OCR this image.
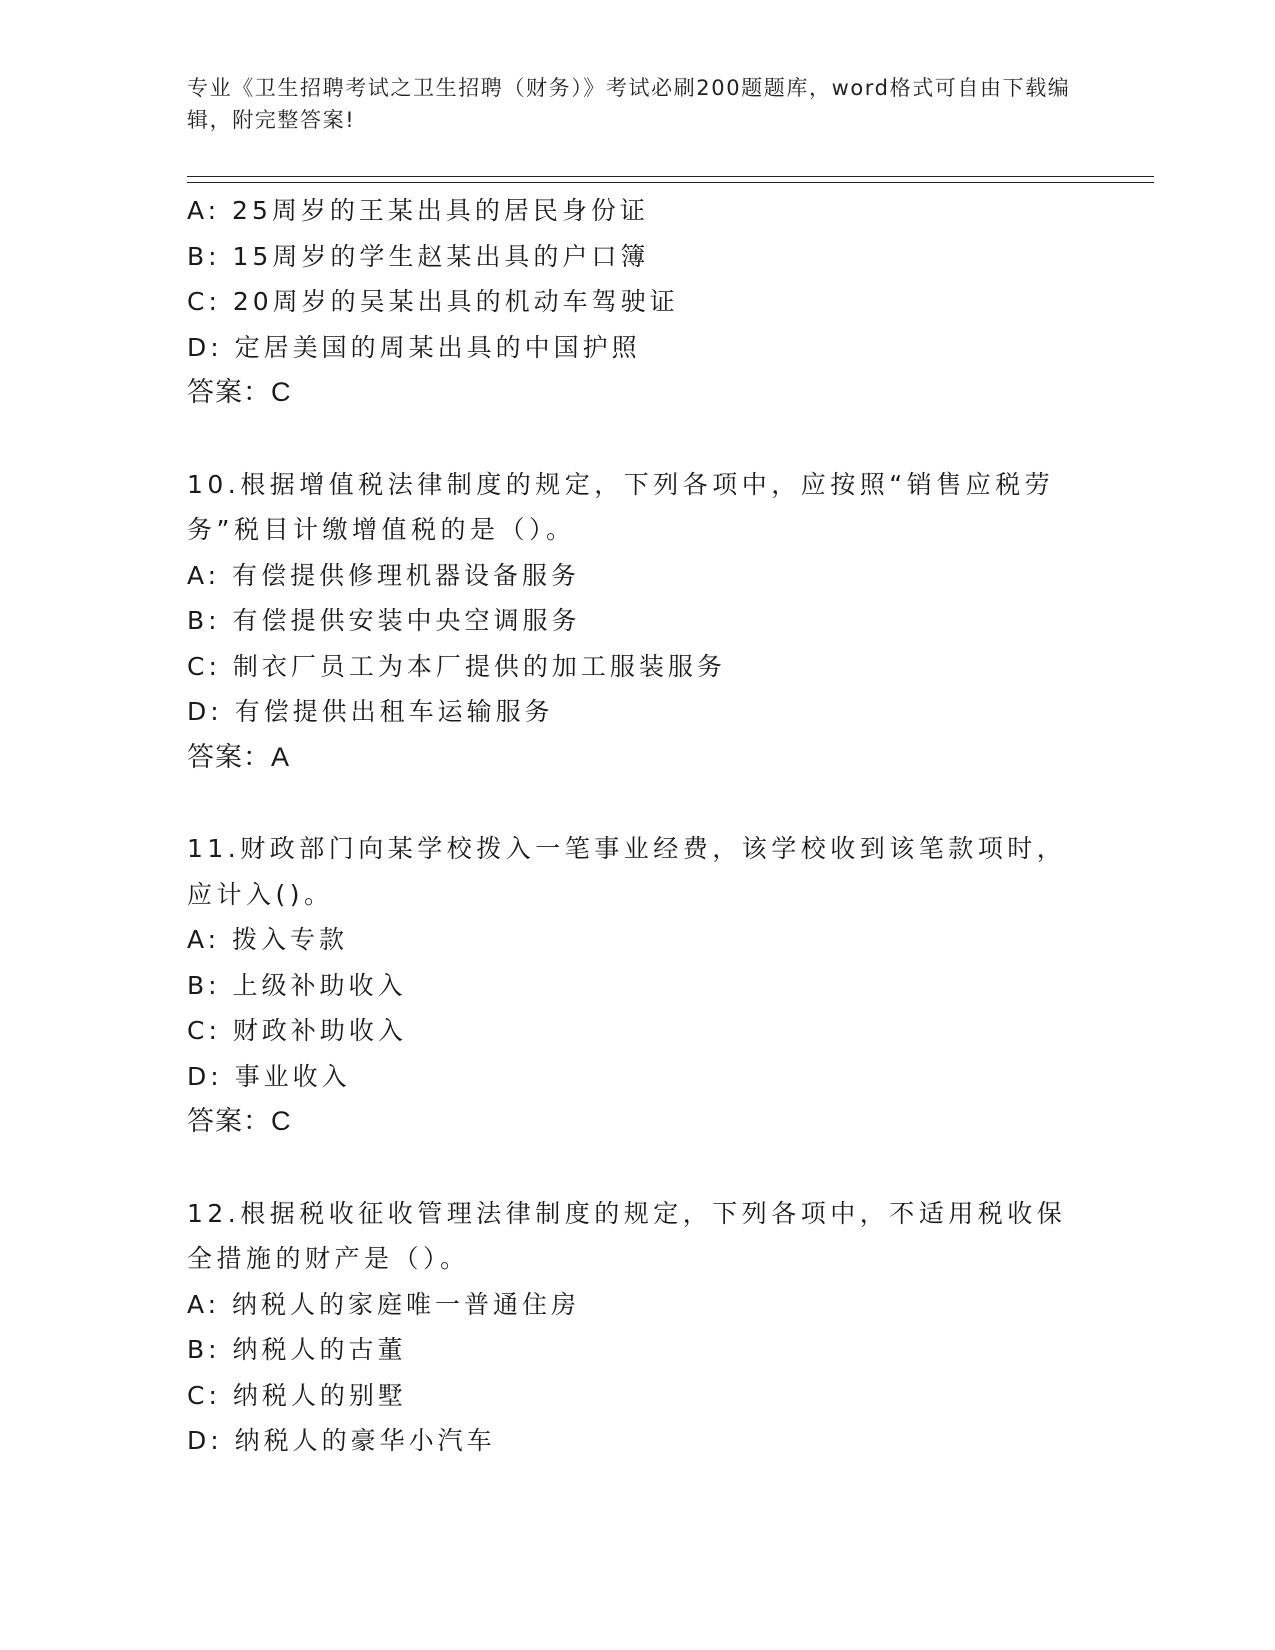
专业《卫生招聘考试之卫生招聘（财务）》考试必刷200题题库，word格式可自由下载编辑，附完整答案!
A: 25周岁的王某出具的居民身份证
B: 15周岁的学生赵某出具的户口簿
C: 20周岁的吴某出具的机动车驾驶证
D: 定居美国的周某出具的中国护照
答案：C
10.根据增值税法律制度的规定，下列各项中，应按照“销售应税劳务”税目计缴增值税的是（）。
A: 有偿提供修理机器设备服务
B: 有偿提供安装中央空调服务
C: 制衣厂员工为本厂提供的加工服装服务
D: 有偿提供出租车运输服务
答案：A
11.财政部门向某学校拨入一笔事业经费，该学校收到该笔款项时，应计入()。
A: 拨入专款
B: 上级补助收入
C: 财政补助收入
D: 事业收入
答案：C
12.根据税收征收管理法律制度的规定，下列各项中，不适用税收保全措施的财产是（）。
A: 纳税人的家庭唯一普通住房
B: 纳税人的古董
C: 纳税人的别墅
D: 纳税人的豪华小汽车
